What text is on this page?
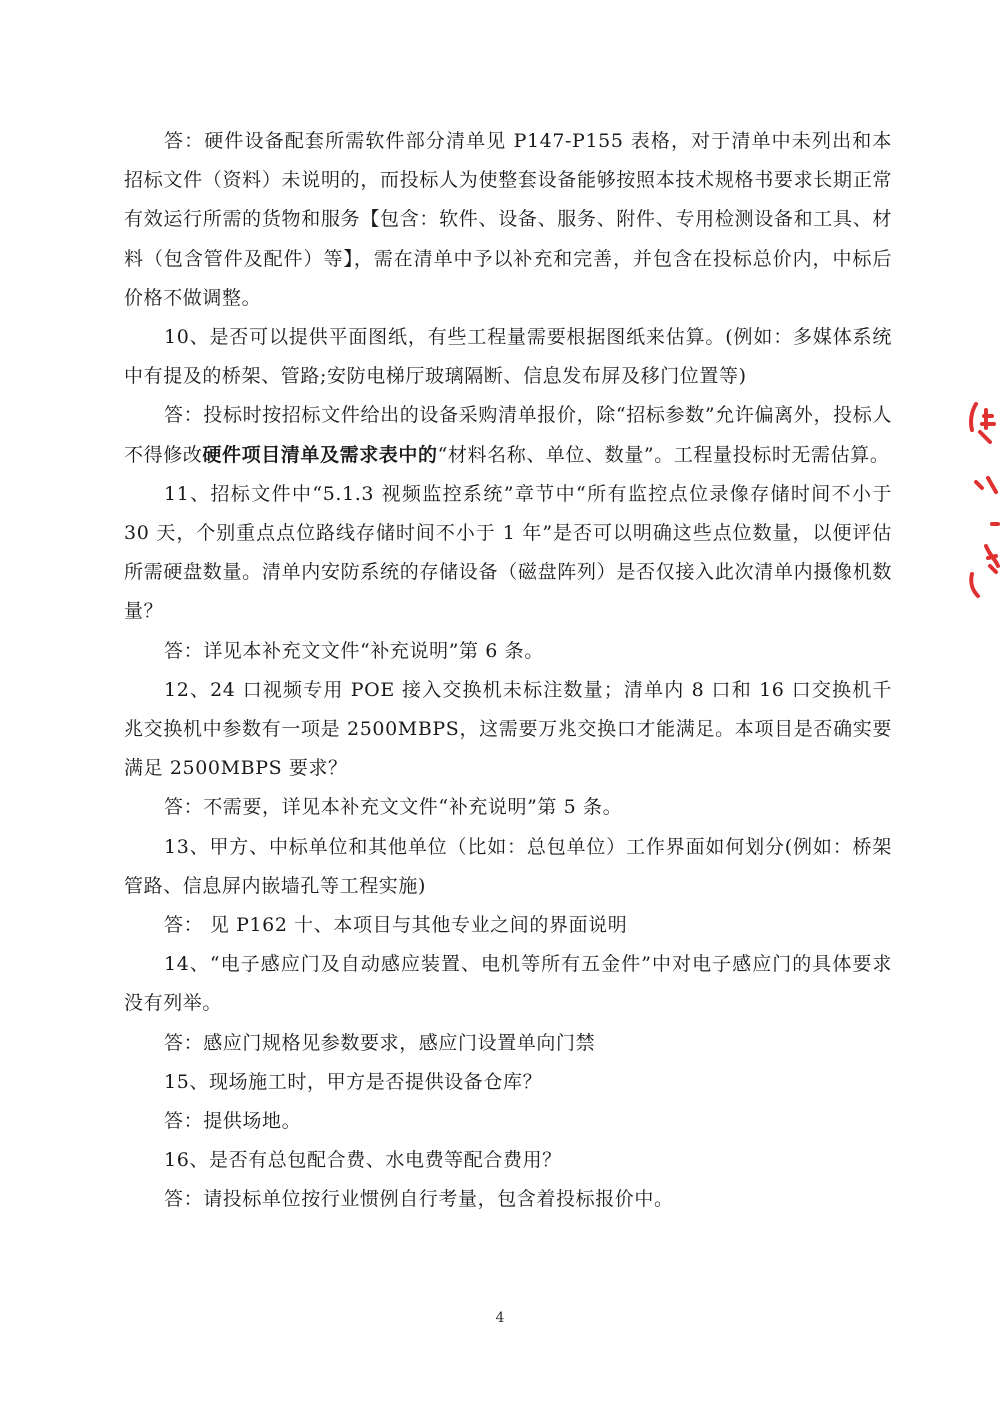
答：硬件设备配套所需软件部分清单见 P147-P155 表格，对于清单中未列出和本招标文件（资料）未说明的，而投标人为使整套设备能够按照本技术规格书要求长期正常有效运行所需的货物和服务【包含：软件、设备、服务、附件、专用检测设备和工具、材料（包含管件及配件）等】，需在清单中予以补充和完善，并包含在投标总价内，中标后价格不做调整。

10、是否可以提供平面图纸，有些工程量需要根据图纸来估算。(例如：多媒体系统中有提及的桥架、管路;安防电梯厅玻璃隔断、信息发布屏及移门位置等)

答：投标时按招标文件给出的设备采购清单报价，除“招标参数”允许偏离外，投标人不得修改硬件项目清单及需求表中的“材料名称、单位、数量”。工程量投标时无需估算。

11、招标文件中“5.1.3 视频监控系统”章节中“所有监控点位录像存储时间不小于 30 天，个别重点点位路线存储时间不小于 1 年”是否可以明确这些点位数量，以便评估所需硬盘数量。清单内安防系统的存储设备（磁盘阵列）是否仅接入此次清单内摄像机数量？

答：详见本补充文文件“补充说明”第 6 条。

12、24 口视频专用 POE 接入交换机未标注数量；清单内 8 口和 16 口交换机千兆交换机中参数有一项是 2500MBPS，这需要万兆交换口才能满足。本项目是否确实要满足 2500MBPS 要求？

答：不需要，详见本补充文文件“补充说明”第 5 条。

13、甲方、中标单位和其他单位（比如：总包单位）工作界面如何划分(例如：桥架管路、信息屏内嵌墙孔等工程实施)

答： 见 P162 十、本项目与其他专业之间的界面说明

14、“电子感应门及自动感应装置、电机等所有五金件”中对电子感应门的具体要求没有列举。

答：感应门规格见参数要求，感应门设置单向门禁

15、现场施工时，甲方是否提供设备仓库？

答：提供场地。

16、是否有总包配合费、水电费等配合费用？

答：请投标单位按行业惯例自行考量，包含着投标报价中。

4
